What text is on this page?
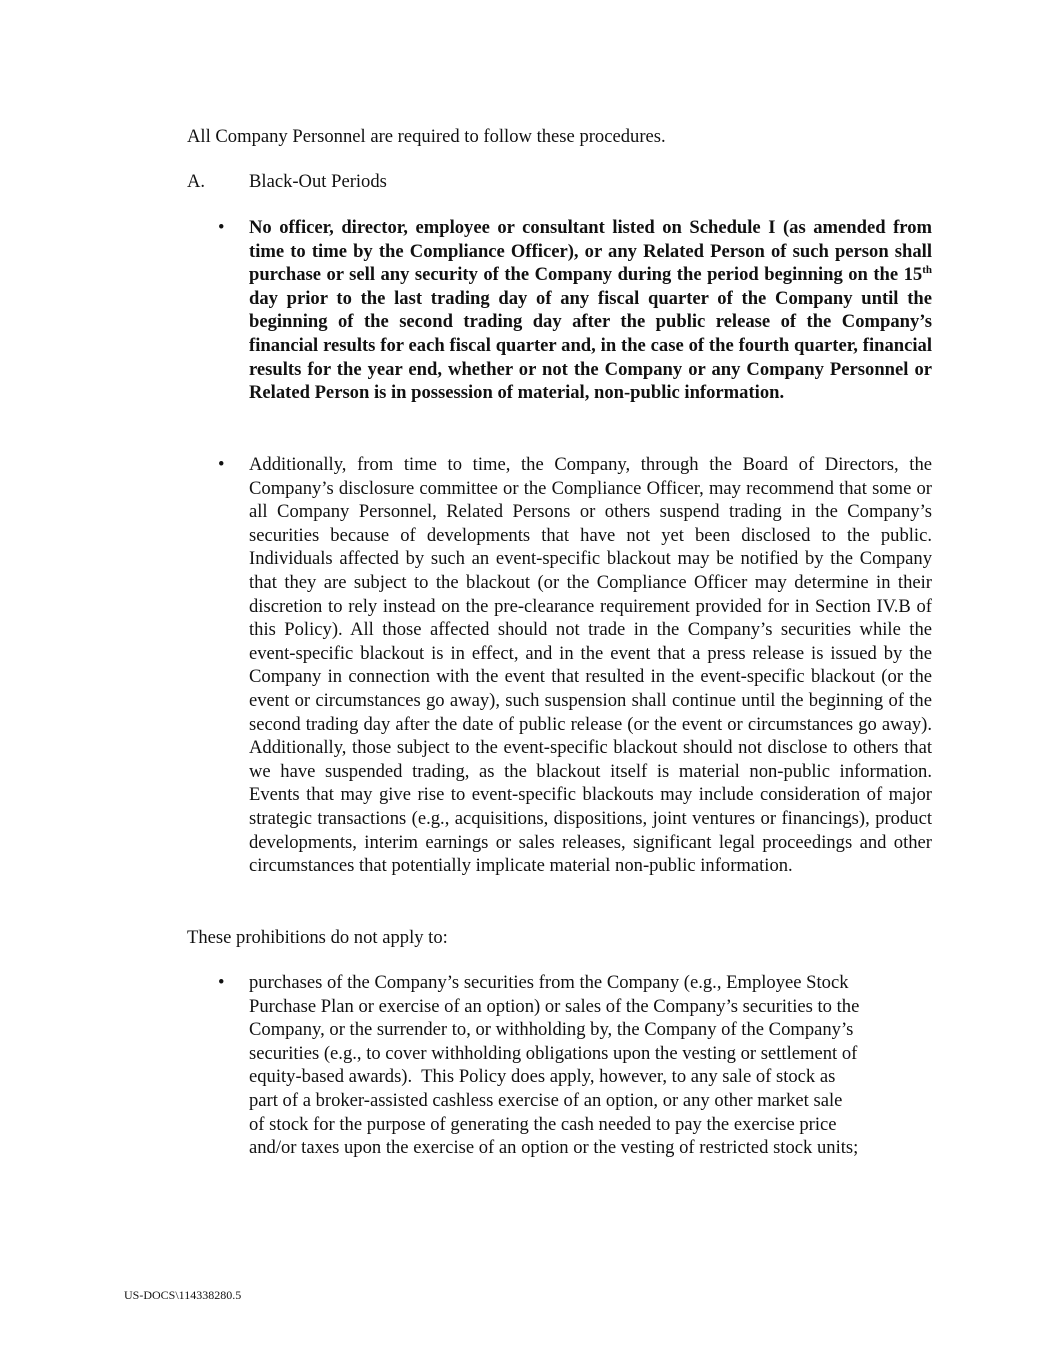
All Company Personnel are required to follow these procedures.

A. Black-Out Periods
•	No officer, director, employee or consultant listed on Schedule I (as amended from time to time by the Compliance Officer), or any Related Person of such person shall purchase or sell any security of the Company during the period beginning on the 15th day prior to the last trading day of any fiscal quarter of the Company until the beginning of the second trading day after the public release of the Company’s financial results for each fiscal quarter and, in the case of the fourth quarter, financial results for the year end, whether or not the Company or any Company Personnel or Related Person is in possession of material, non-public information.
•	Additionally, from time to time, the Company, through the Board of Directors, the Company’s disclosure committee or the Compliance Officer, may recommend that some or all Company Personnel, Related Persons or others suspend trading in the Company’s securities because of developments that have not yet been disclosed to the public. Individuals affected by such an event-specific blackout may be notified by the Company that they are subject to the blackout (or the Compliance Officer may determine in their discretion to rely instead on the pre-clearance requirement provided for in Section IV.B of this Policy). All those affected should not trade in the Company’s securities while the event-specific blackout is in effect, and in the event that a press release is issued by the Company in connection with the event that resulted in the event-specific blackout (or the event or circumstances go away), such suspension shall continue until the beginning of the second trading day after the date of public release (or the event or circumstances go away). Additionally, those subject to the event-specific blackout should not disclose to others that we have suspended trading, as the blackout itself is material non-public information. Events that may give rise to event-specific blackouts may include consideration of major strategic transactions (e.g., acquisitions, dispositions, joint ventures or financings), product developments, interim earnings or sales releases, significant legal proceedings and other circumstances that potentially implicate material non-public information.

These prohibitions do not apply to:

•	purchases of the Company’s securities from the Company (e.g., Employee Stock
Purchase Plan or exercise of an option) or sales of the Company’s securities to the
Company, or the surrender to, or withholding by, the Company of the Company’s
securities (e.g., to cover withholding obligations upon the vesting or settlement of
equity-based awards).  This Policy does apply, however, to any sale of stock as
part of a broker-assisted cashless exercise of an option, or any other market sale
of stock for the purpose of generating the cash needed to pay the exercise price
and/or taxes upon the exercise of an option or the vesting of restricted stock units;
US-DOCS\114338280.5
